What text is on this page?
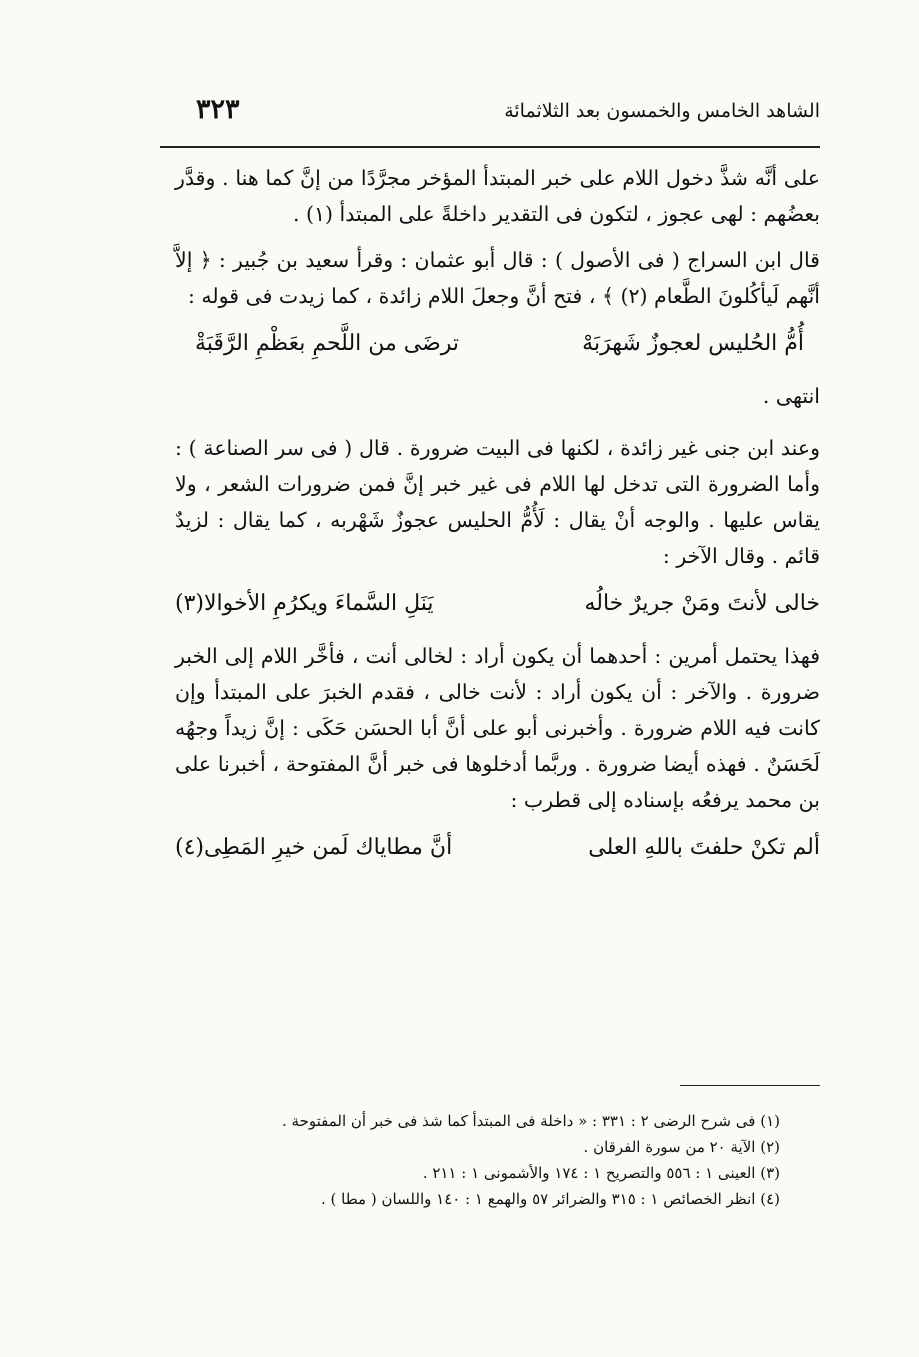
الشاهد الخامس والخمسون بعد الثلاثمائة
٣٢٣

على أنَّه شذَّ دخول اللام على خبر المبتدأ المؤخر مجرَّدًا من إنَّ كما هنا . وقدَّر بعضُهم : لهى عجوز ، لتكون فى التقدير داخلةً على المبتدأ (١) .

قال ابن السراج ( فى الأصول ) : قال أبو عثمان : وقرأ سعيد بن جُبير : ﴿ إلاَّ أنَّهم لَيأكُلونَ الطَّعام (٢) ﴾ ، فتح أنَّ وجعلَ اللام زائدة ، كما زيدت فى قوله :

أُمُّ الحُليس لعجوزٌ شَهرَبَهْ
ترضَى من اللَّحمِ بعَظْمِ الرَّقَبَةْ

انتهى .

وعند ابن جنى غير زائدة ، لكنها فى البيت ضرورة . قال ( فى سر الصناعة ) : وأما الضرورة التى تدخل لها اللام فى غير خبر إنَّ فمن ضرورات الشعر ، ولا يقاس عليها . والوجه أنْ يقال : لَأُمُّ الحليس عجوزٌ شَهْربه ، كما يقال : لزيدٌ قائم . وقال الآخر :

خالى لأنتَ ومَنْ جريرٌ خالُه
يَنَلِ السَّماءَ ويكرُمِ الأخوالا(٣)

فهذا يحتمل أمرين : أحدهما أن يكون أراد : لخالى أنت ، فأخَّر اللام إلى الخبر ضرورة . والآخر : أن يكون أراد : لأنت خالى ، فقدم الخبرَ على المبتدأ وإن كانت فيه اللام ضرورة . وأخبرنى أبو على أنَّ أبا الحسَن حَكَى : إنَّ زيداً وجهُه لَحَسَنٌ . فهذه أيضا ضرورة . وربَّما أدخلوها فى خبر أنَّ المفتوحة ، أخبرنا على بن محمد يرفعُه بإسناده إلى قطرب :

ألم تكنْ حلفتَ باللهِ العلى
أنَّ مطاياك لَمن خيرِ المَطِى(٤)
(١) فى شرح الرضى ٢ : ٣٣١ : « داخلة فى المبتدأ كما شذ فى خبر أن المفتوحة .
(٢) الآية ٢٠ من سورة الفرقان .
(٣) العينى ١ : ٥٥٦ والتصريح ١ : ١٧٤ والأشمونى ١ : ٢١١ .
(٤) انظر الخصائص ١ : ٣١٥ والضرائر ٥٧ والهمع ١ : ١٤٠ واللسان ( مطا ) .
